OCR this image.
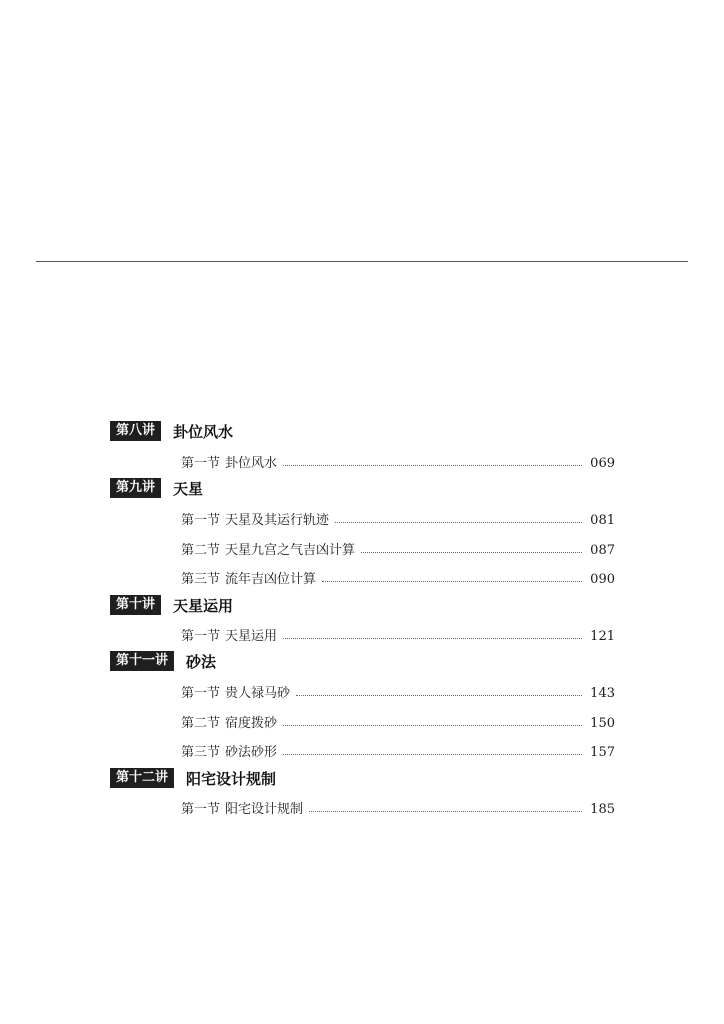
第八讲	卦位风水
第一节 卦位风水	069
第九讲	天星
第一节 天星及其运行轨迹	081
第二节 天星九宫之气吉凶计算	087
第三节 流年吉凶位计算	090
第十讲	天星运用
第一节 天星运用	121
第十一讲	砂法
第一节 贵人禄马砂	143
第二节 宿度拨砂	150
第三节 砂法砂形	157
第十二讲	阳宅设计规制
第一节 阳宅设计规制	185
